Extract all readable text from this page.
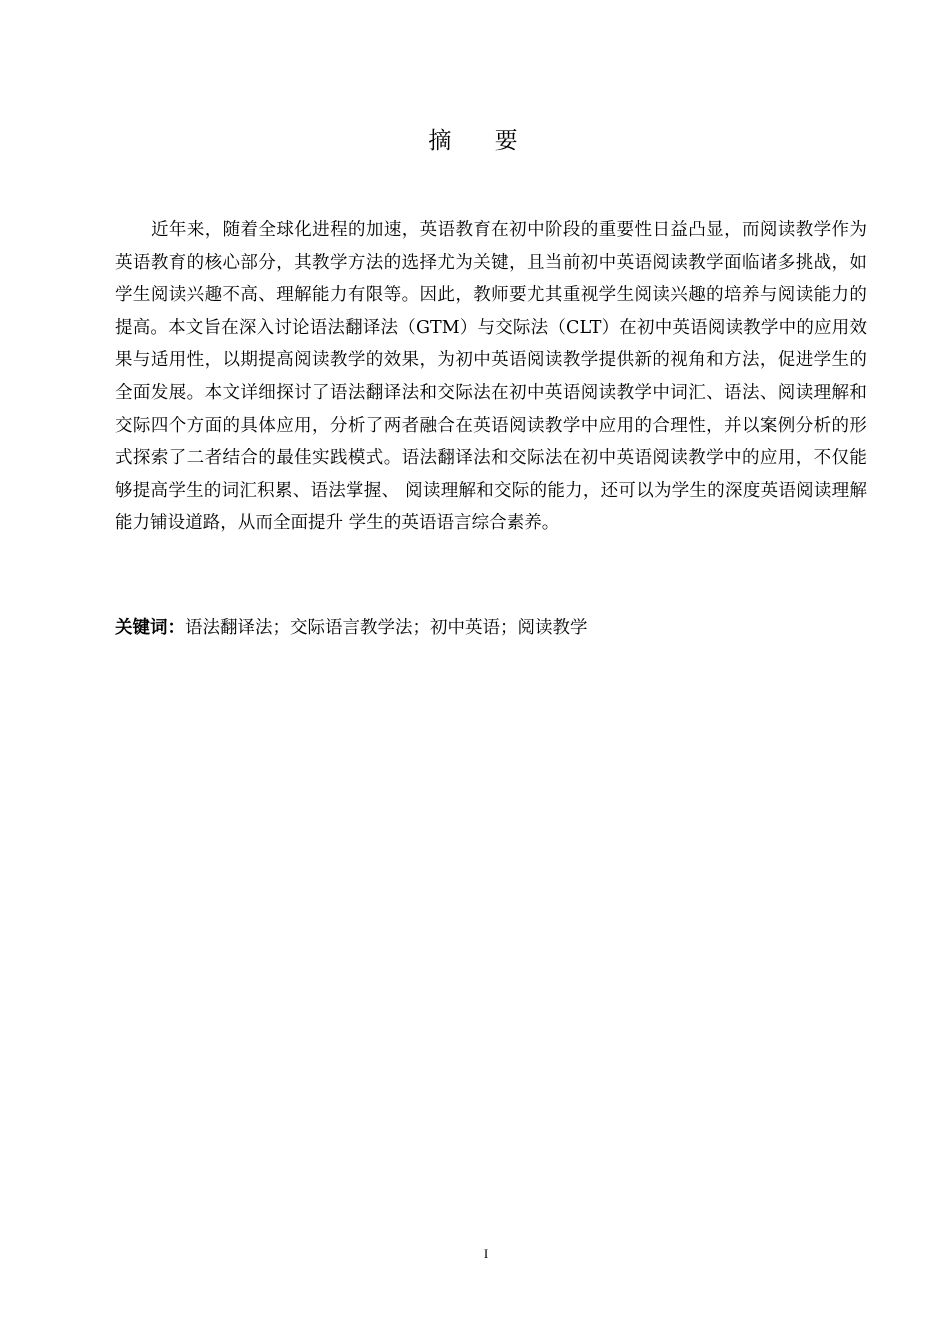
摘 要

近年来，随着全球化进程的加速，英语教育在初中阶段的重要性日益凸显，而阅读教学作为英语教育的核心部分，其教学方法的选择尤为关键，且当前初中英语阅读教学面临诸多挑战，如学生阅读兴趣不高、理解能力有限等。因此，教师要尤其重视学生阅读兴趣的培养与阅读能力的提高。本文旨在深入讨论语法翻译法（GTM）与交际法（CLT）在初中英语阅读教学中的应用效果与适用性，以期提高阅读教学的效果，为初中英语阅读教学提供新的视角和方法，促进学生的全面发展。本文详细探讨了语法翻译法和交际法在初中英语阅读教学中词汇、语法、阅读理解和交际四个方面的具体应用，分析了两者融合在英语阅读教学中应用的合理性，并以案例分析的形式探索了二者结合的最佳实践模式。语法翻译法和交际法在初中英语阅读教学中的应用，不仅能够提高学生的词汇积累、语法掌握、 阅读理解和交际的能力，还可以为学生的深度英语阅读理解能力铺设道路，从而全面提升 学生的英语语言综合素养。

关键词：语法翻译法；交际语言教学法；初中英语；阅读教学

I
